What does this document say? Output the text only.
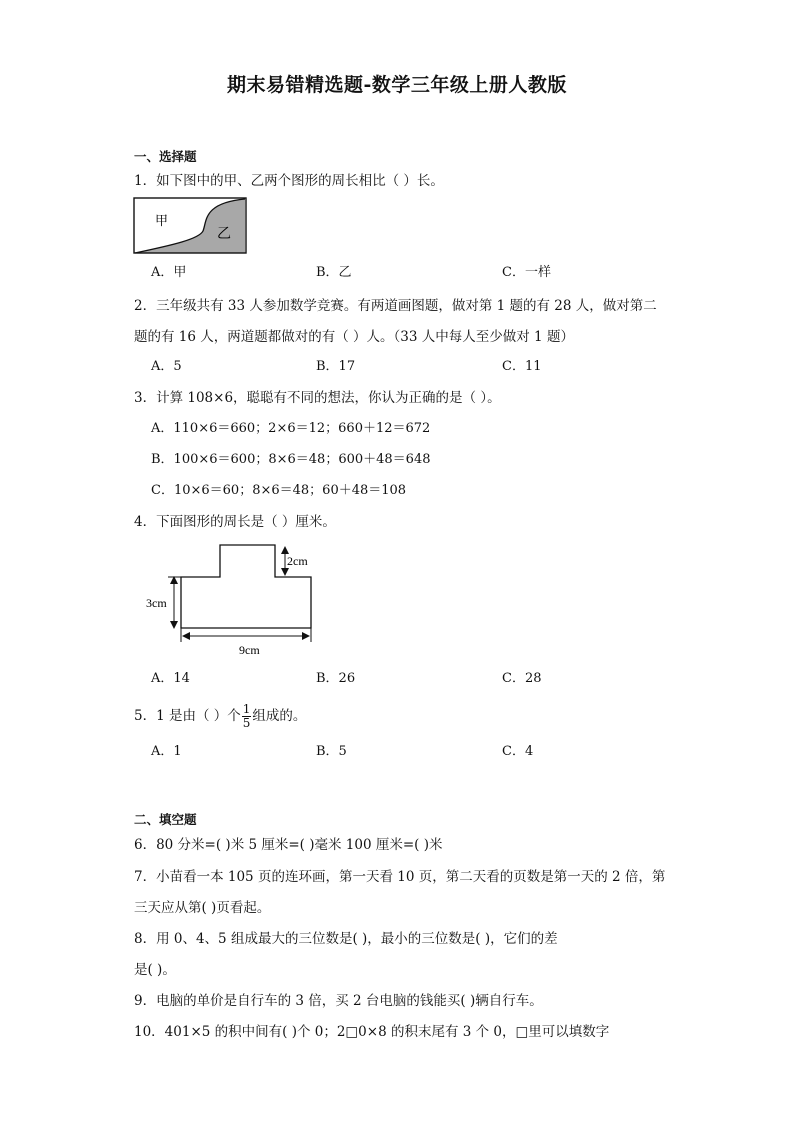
期末易错精选题-数学三年级上册人教版
一、选择题
1．如下图中的甲、乙两个图形的周长相比（ ）长。
甲
乙
A．甲	B．乙	C．一样
2．三年级共有 33 人参加数学竞赛。有两道画图题，做对第 1 题的有 28 人，做对第二
题的有 16 人，两道题都做对的有（ ）人。（33 人中每人至少做对 1 题）
A．5	B．17	C．11
3．计算 108×6，聪聪有不同的想法，你认为正确的是（ ）。
A．110×6＝660；2×6＝12；660＋12＝672
B．100×6＝600；8×6＝48；600＋48＝648
C．10×6＝60；8×6＝48；60＋48＝108
4．下面图形的周长是（ ）厘米。
2cm
3cm
9cm
A．14	B．26	C．28
5．1 是由（ ）个 $\frac{1}{5}$ 组成的。
A．1	B．5	C．4
二、填空题
6．80 分米=( )米 5 厘米=( )毫米 100 厘米=( )米
7．小苗看一本 105 页的连环画，第一天看 10 页，第二天看的页数是第一天的 2 倍，第
三天应从第( )页看起。
8．用 0、4、5 组成最大的三位数是( )，最小的三位数是( )，它们的差
是( )。
9．电脑的单价是自行车的 3 倍，买 2 台电脑的钱能买( )辆自行车。
10．401×5 的积中间有( )个 0；2□0×8 的积末尾有 3 个 0，□里可以填数字
